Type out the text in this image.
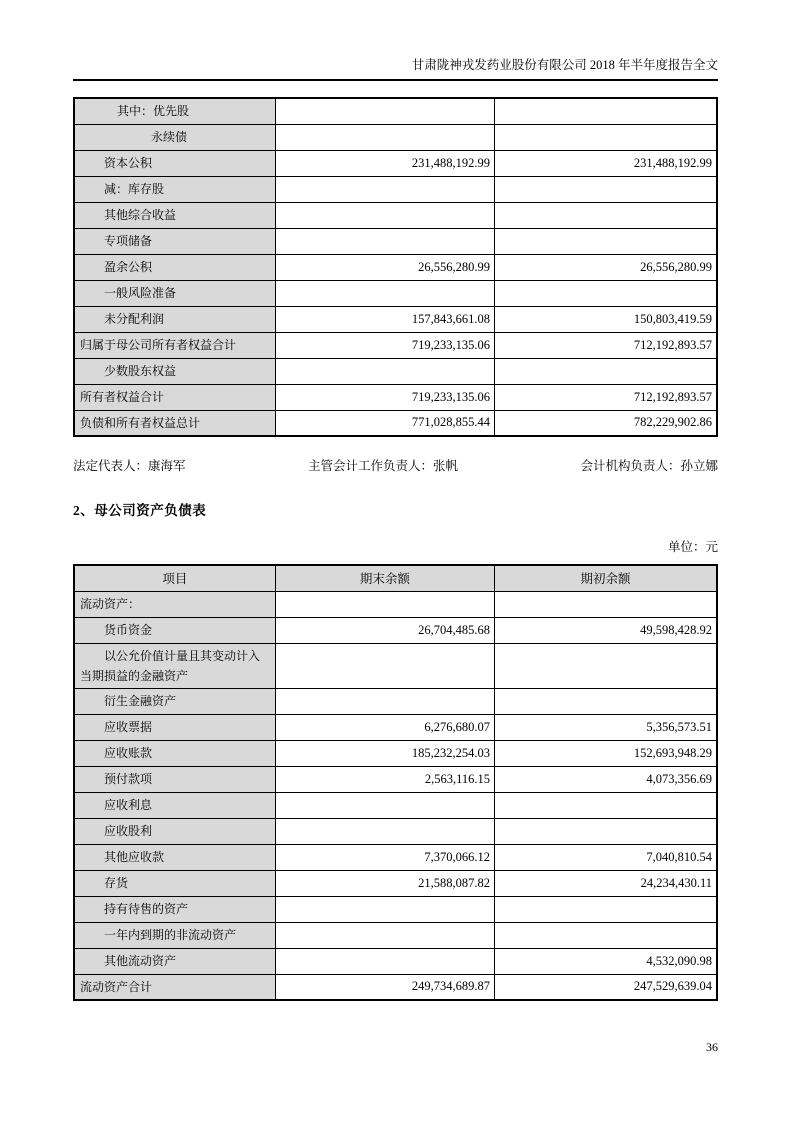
甘肃陇神戎发药业股份有限公司 2018 年半年度报告全文
其中：优先股		
永续债		
资本公积	231,488,192.99	231,488,192.99
减：库存股		
其他综合收益		
专项储备		
盈余公积	26,556,280.99	26,556,280.99
一般风险准备		
未分配利润	157,843,661.08	150,803,419.59
归属于母公司所有者权益合计	719,233,135.06	712,192,893.57
少数股东权益		
所有者权益合计	719,233,135.06	712,192,893.57
负债和所有者权益总计	771,028,855.44	782,229,902.86
法定代表人：康海军	主管会计工作负责人：张帆	会计机构负责人：孙立娜
2、母公司资产负债表
单位：元
项目	期末余额	期初余额
流动资产：		
货币资金	26,704,485.68	49,598,428.92
以公允价值计量且其变动计入当期损益的金融资产		
衍生金融资产		
应收票据	6,276,680.07	5,356,573.51
应收账款	185,232,254.03	152,693,948.29
预付款项	2,563,116.15	4,073,356.69
应收利息		
应收股利		
其他应收款	7,370,066.12	7,040,810.54
存货	21,588,087.82	24,234,430.11
持有待售的资产		
一年内到期的非流动资产		
其他流动资产		4,532,090.98
流动资产合计	249,734,689.87	247,529,639.04
36
